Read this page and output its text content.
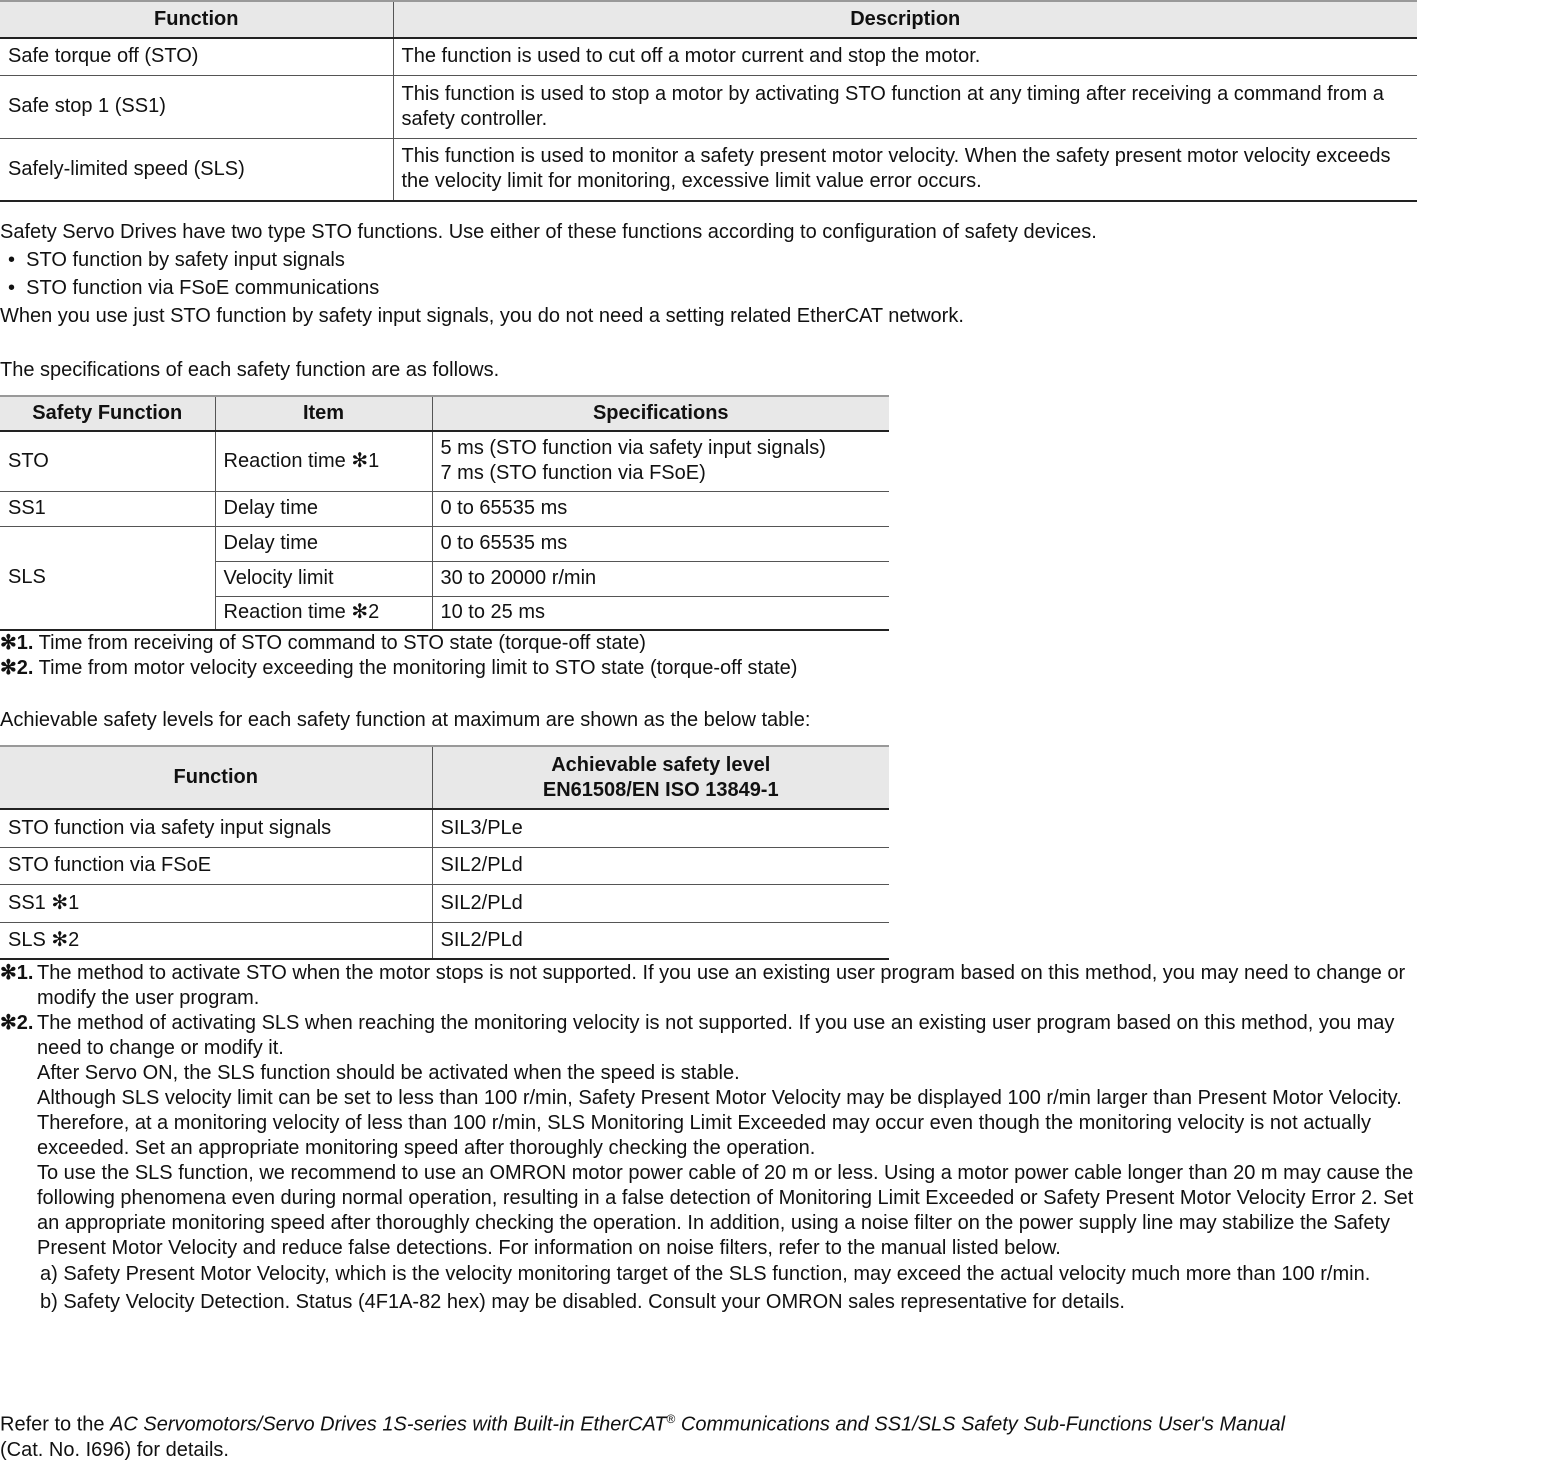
Function	Description
Safe torque off (STO)	The function is used to cut off a motor current and stop the motor.
Safe stop 1 (SS1)	This function is used to stop a motor by activating STO function at any timing after receiving a command from a safety controller.
Safely-limited speed (SLS)	This function is used to monitor a safety present motor velocity. When the safety present motor velocity exceeds the velocity limit for monitoring, excessive limit value error occurs.
Safety Servo Drives have two type STO functions. Use either of these functions according to configuration of safety devices.
• STO function by safety input signals
• STO function via FSoE communications
When you use just STO function by safety input signals, you do not need a setting related EtherCAT network.
The specifications of each safety function are as follows.
Safety Function	Item	Specifications
STO	Reaction time ✻1	5 ms (STO function via safety input signals)
7 ms (STO function via FSoE)

SS1	Delay time	0 to 65535 ms
SLS	Delay time	0 to 65535 ms
	Velocity limit	30 to 20000 r/min
	Reaction time ✻2	10 to 25 ms
✻1. Time from receiving of STO command to STO state (torque-off state)
✻2. Time from motor velocity exceeding the monitoring limit to STO state (torque-off state)
Achievable safety levels for each safety function at maximum are shown as the below table:
Function	Achievable safety level
EN61508/EN ISO 13849-1

STO function via safety input signals	SIL3/PLe
STO function via FSoE	SIL2/PLd
SS1 ✻1	SIL2/PLd
SLS ✻2	SIL2/PLd
✻1. The method to activate STO when the motor stops is not supported. If you use an existing user program based on this method, you may need to change or modify the user program.
✻2. The method of activating SLS when reaching the monitoring velocity is not supported. If you use an existing user program based on this method, you may need to change or modify it.
After Servo ON, the SLS function should be activated when the speed is stable.
Although SLS velocity limit can be set to less than 100 r/min, Safety Present Motor Velocity may be displayed 100 r/min larger than Present Motor Velocity. Therefore, at a monitoring velocity of less than 100 r/min, SLS Monitoring Limit Exceeded may occur even though the monitoring velocity is not actually exceeded. Set an appropriate monitoring speed after thoroughly checking the operation.
To use the SLS function, we recommend to use an OMRON motor power cable of 20 m or less. Using a motor power cable longer than 20 m may cause the following phenomena even during normal operation, resulting in a false detection of Monitoring Limit Exceeded or Safety Present Motor Velocity Error 2. Set an appropriate monitoring speed after thoroughly checking the operation. In addition, using a noise filter on the power supply line may stabilize the Safety Present Motor Velocity and reduce false detections. For information on noise filters, refer to the manual listed below.
a) Safety Present Motor Velocity, which is the velocity monitoring target of the SLS function, may exceed the actual velocity much more than 100 r/min.
b) Safety Velocity Detection. Status (4F1A-82 hex) may be disabled. Consult your OMRON sales representative for details.
Refer to the AC Servomotors/Servo Drives 1S-series with Built-in EtherCAT® Communications and SS1/SLS Safety Sub-Functions User's Manual
(Cat. No. I696) for details.
